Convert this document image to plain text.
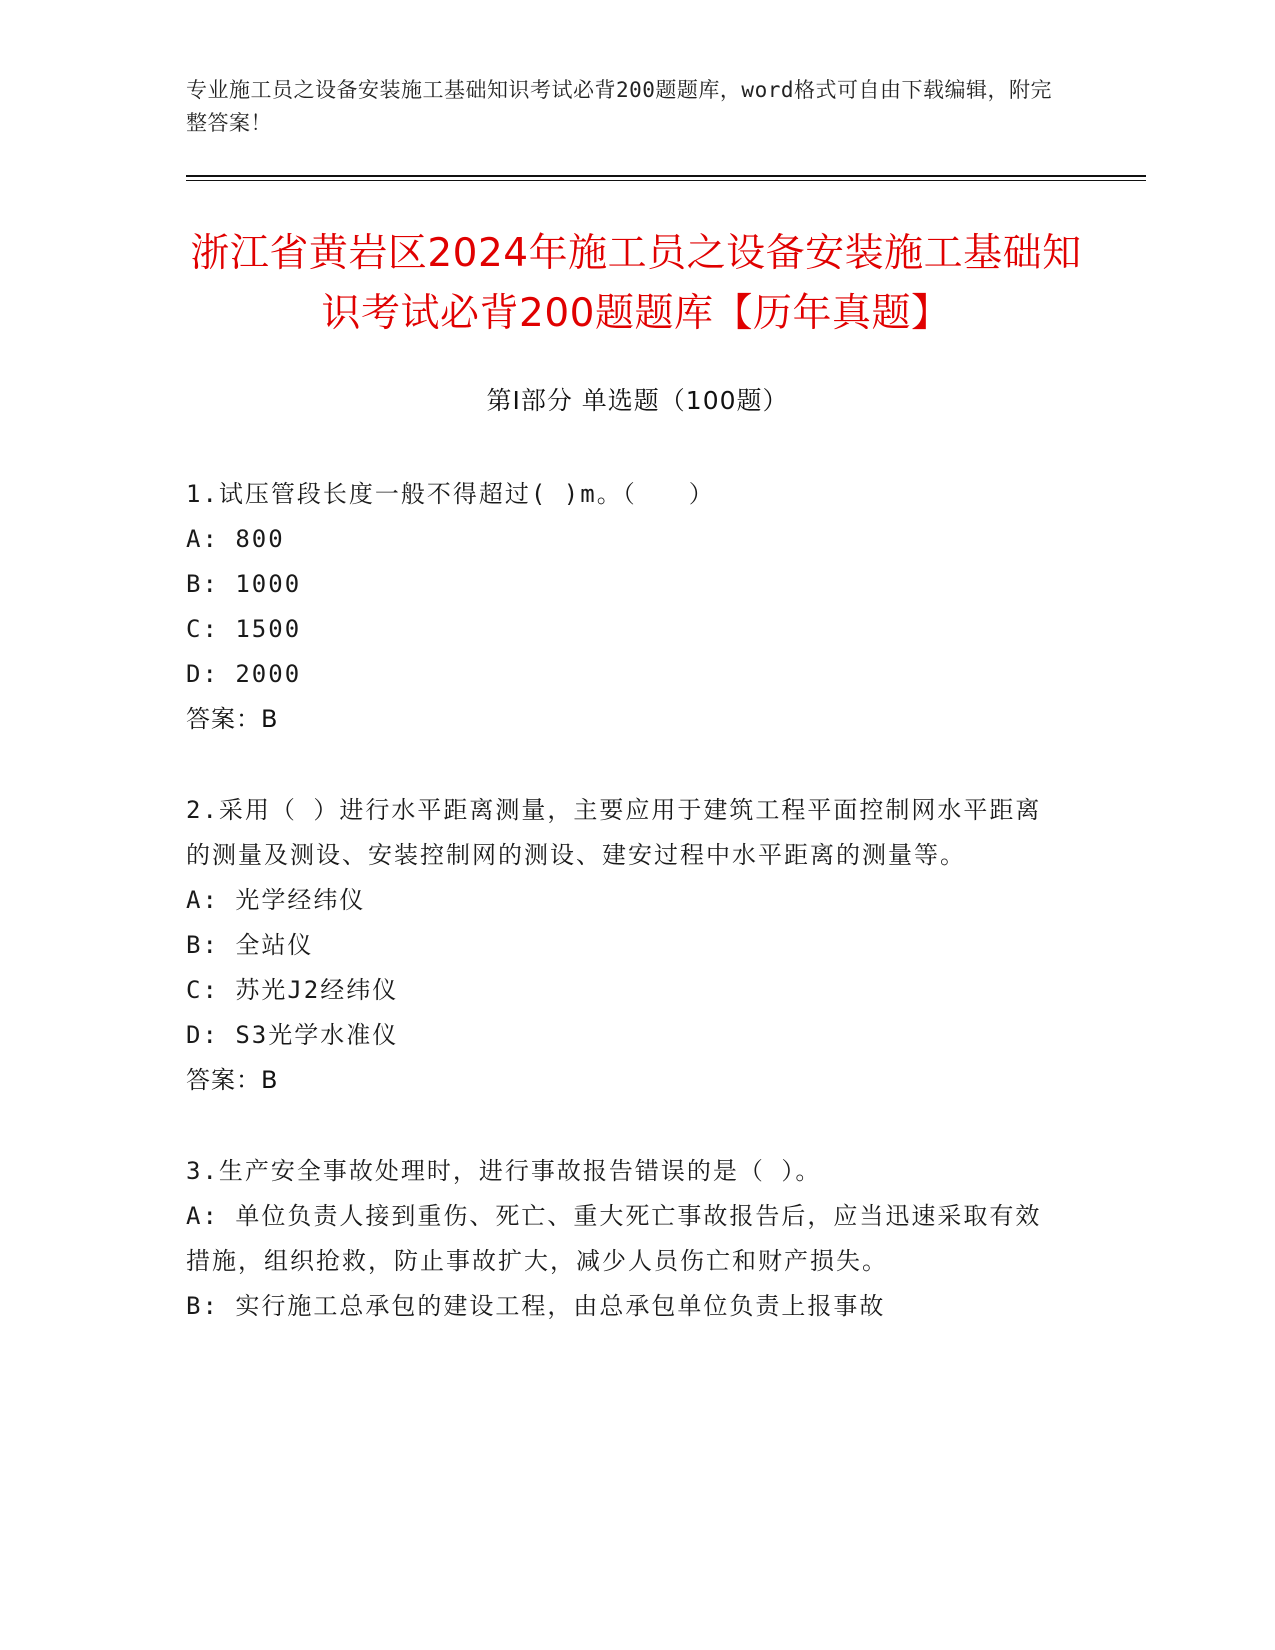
专业施工员之设备安装施工基础知识考试必背200题题库，word格式可自由下载编辑，附完整答案！
浙江省黄岩区2024年施工员之设备安装施工基础知识考试必背200题题库【历年真题】
第I部分 单选题（100题）
1.试压管段长度一般不得超过( )m。（　　）
A: 800
B: 1000
C: 1500
D: 2000
答案：B
2.采用（ ）进行水平距离测量，主要应用于建筑工程平面控制网水平距离的测量及测设、安装控制网的测设、建安过程中水平距离的测量等。
A: 光学经纬仪
B: 全站仪
C: 苏光J2经纬仪
D: S3光学水准仪
答案：B
3.生产安全事故处理时，进行事故报告错误的是（ ）。
A: 单位负责人接到重伤、死亡、重大死亡事故报告后，应当迅速采取有效措施，组织抢救，防止事故扩大，减少人员伤亡和财产损失。
B: 实行施工总承包的建设工程，由总承包单位负责上报事故
